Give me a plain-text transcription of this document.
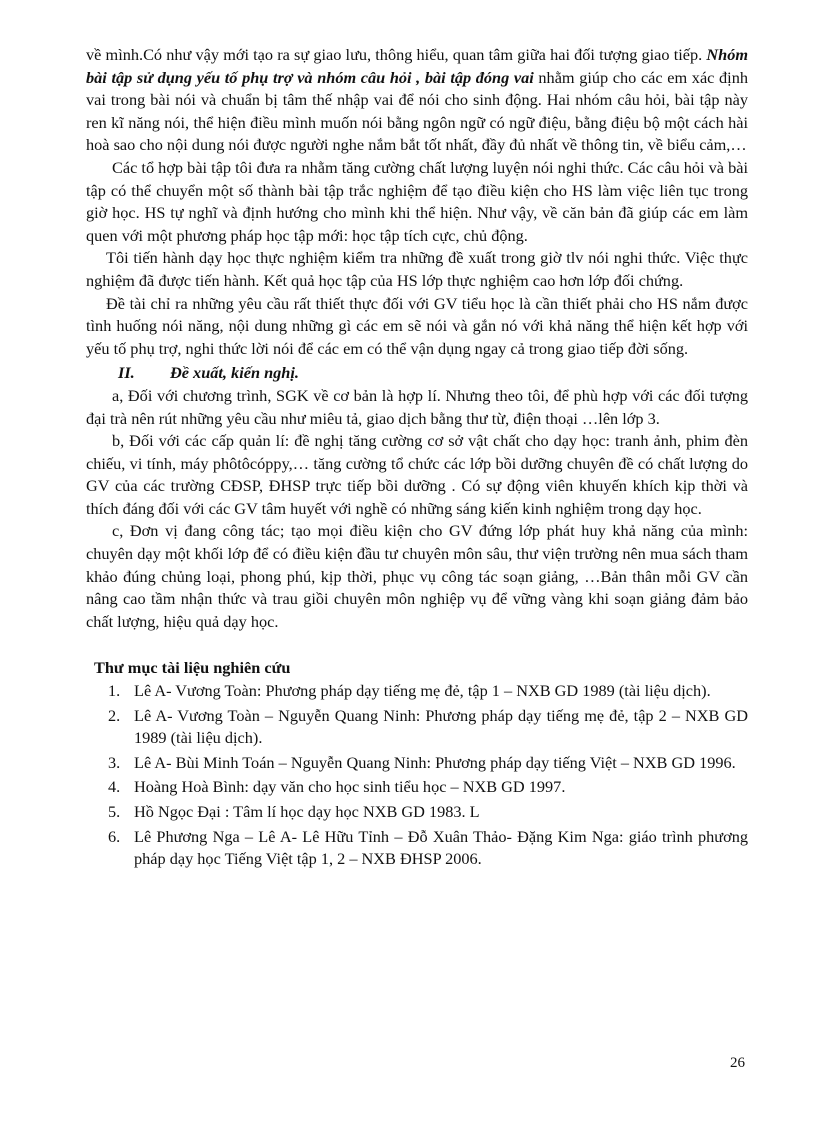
về mình.Có như vậy mới tạo ra sự giao lưu, thông hiểu, quan tâm giữa hai đối tượng giao tiếp. Nhóm bài tập sử dụng yếu tố phụ trợ và nhóm câu hỏi , bài tập đóng vai nhằm giúp cho các em xác định vai trong bài nói và chuẩn bị tâm thế nhập vai để nói cho sinh động. Hai nhóm câu hỏi, bài tập này ren kĩ năng nói, thể hiện điều mình muốn nói bằng ngôn ngữ có ngữ điệu, bằng điệu bộ một cách hài hoà sao cho nội dung nói được người nghe nắm bắt tốt nhất, đầy đủ nhất về thông tin, về biểu cảm,…

Các tổ hợp bài tập tôi đưa ra nhằm tăng cường chất lượng luyện nói nghi thức. Các câu hỏi và bài tập có thể chuyển một số thành bài tập trắc nghiệm để tạo điều kiện cho HS làm việc liên tục trong giờ học. HS tự nghĩ và định hướng cho mình khi thể hiện. Như vậy, về căn bản đã giúp các em làm quen với một phương pháp học tập mới: học tập tích cực, chủ động.

Tôi tiến hành dạy học thực nghiệm kiểm tra những đề xuất trong giờ tlv nói nghi thức. Việc thực nghiệm đã được tiến hành. Kết quả học tập của HS lớp thực nghiệm cao hơn lớp đối chứng.

Đề tài chỉ ra những yêu cầu rất thiết thực đối với GV tiểu học là cần thiết phải cho HS nắm được tình huống nói năng, nội dung những gì các em sẽ nói và gắn nó với khả năng thể hiện kết hợp với yếu tố phụ trợ, nghi thức lời nói để các em có thể vận dụng ngay cả trong giao tiếp đời sống.

II. Đề xuất, kiến nghị.

a, Đối với chương trình, SGK về cơ bản là hợp lí. Nhưng theo tôi, để phù hợp với các đối tượng đại trà nên rút những yêu cầu như miêu tả, giao dịch bằng thư từ, điện thoại …lên lớp 3.

b, Đối với các cấp quản lí: đề nghị tăng cường cơ sở vật chất cho dạy học: tranh ảnh, phim đèn chiếu, vi tính, máy phôtôcóppy,… tăng cường tổ chức các lớp bồi dưỡng chuyên đề có chất lượng do GV của các trường CĐSP, ĐHSP trực tiếp bồi dưỡng . Có sự động viên khuyến khích kịp thời và thích đáng đối với các GV tâm huyết với nghề có những sáng kiến kinh nghiệm trong dạy học.

c, Đơn vị đang công tác; tạo mọi điều kiện cho GV đứng lớp phát huy khả năng của mình: chuyên dạy một khối lớp để có điều kiện đầu tư chuyên môn sâu, thư viện trường nên mua sách tham khảo đúng chủng loại, phong phú, kịp thời, phục vụ công tác soạn giảng, …Bản thân mỗi GV cần nâng cao tầm nhận thức và trau giồi chuyên môn nghiệp vụ để vững vàng khi soạn giảng đảm bảo chất lượng, hiệu quả dạy học.

Thư mục tài liệu nghiên cứu
1. Lê A- Vương Toàn: Phương pháp dạy tiếng mẹ đẻ, tập 1 – NXB GD 1989 (tài liệu dịch).
2. Lê A- Vương Toàn – Nguyễn Quang Ninh: Phương pháp dạy tiếng mẹ đẻ, tập 2 – NXB GD 1989 (tài liệu dịch).
3. Lê A- Bùi Minh Toán – Nguyễn Quang Ninh: Phương pháp dạy tiếng Việt – NXB GD 1996.
4. Hoàng Hoà Bình: dạy văn cho học sinh tiểu học – NXB GD 1997.
5. Hồ Ngọc Đại : Tâm lí học dạy học NXB GD 1983. L
6. Lê Phương Nga – Lê A- Lê Hữu Tỉnh – Đỗ Xuân Thảo- Đặng Kim Nga: giáo trình phương pháp dạy học Tiếng Việt tập 1, 2 – NXB ĐHSP 2006.
26
